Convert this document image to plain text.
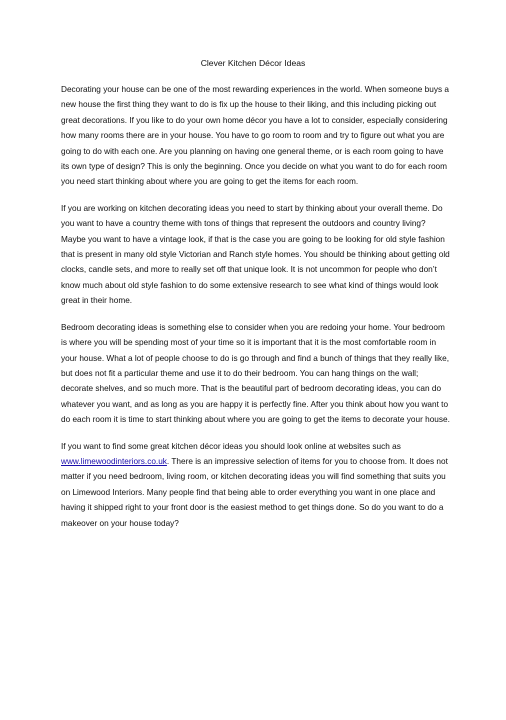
Clever Kitchen Décor Ideas

Decorating your house can be one of the most rewarding experiences in the world. When someone buys a new house the first thing they want to do is fix up the house to their liking, and this including picking out great decorations. If you like to do your own home décor you have a lot to consider, especially considering how many rooms there are in your house. You have to go room to room and try to figure out what you are going to do with each one. Are you planning on having one general theme, or is each room going to have its own type of design? This is only the beginning. Once you decide on what you want to do for each room you need start thinking about where you are going to get the items for each room.

If you are working on kitchen decorating ideas you need to start by thinking about your overall theme. Do you want to have a country theme with tons of things that represent the outdoors and country living? Maybe you want to have a vintage look, if that is the case you are going to be looking for old style fashion that is present in many old style Victorian and Ranch style homes. You should be thinking about getting old clocks, candle sets, and more to really set off that unique look. It is not uncommon for people who don’t know much about old style fashion to do some extensive research to see what kind of things would look great in their home.

Bedroom decorating ideas is something else to consider when you are redoing your home. Your bedroom is where you will be spending most of your time so it is important that it is the most comfortable room in your house. What a lot of people choose to do is go through and find a bunch of things that they really like, but does not fit a particular theme and use it to do their bedroom. You can hang things on the wall; decorate shelves, and so much more. That is the beautiful part of bedroom decorating ideas, you can do whatever you want, and as long as you are happy it is perfectly fine. After you think about how you want to do each room it is time to start thinking about where you are going to get the items to decorate your house.

If you want to find some great kitchen décor ideas you should look online at websites such as www.limewoodinteriors.co.uk. There is an impressive selection of items for you to choose from. It does not matter if you need bedroom, living room, or kitchen decorating ideas you will find something that suits you on Limewood Interiors. Many people find that being able to order everything you want in one place and having it shipped right to your front door is the easiest method to get things done. So do you want to do a makeover on your house today?
